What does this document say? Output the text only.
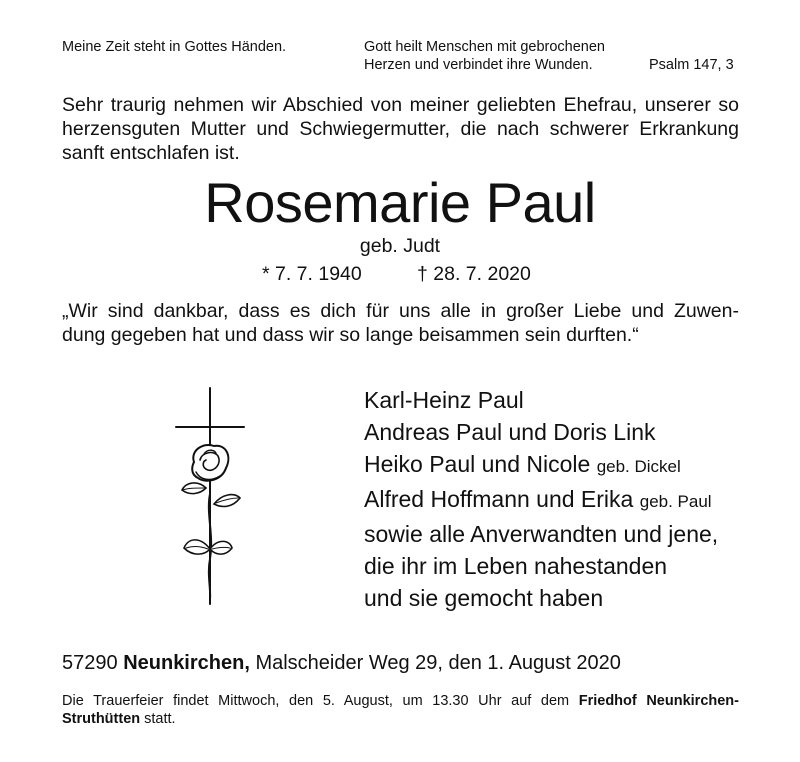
Meine Zeit steht in Gottes Händen.	Gott heilt Menschen mit gebrochenen
Herzen und verbindet ihre Wunden.	Psalm 147, 3
Sehr traurig nehmen wir Abschied von meiner geliebten Ehefrau, unserer so
herzensguten Mutter und Schwiegermutter, die nach schwerer Erkrankung
sanft entschlafen ist.
Rosemarie Paul
geb. Judt
* 7. 7. 1940	† 28. 7. 2020
„Wir sind dankbar, dass es dich für uns alle in großer Liebe und Zuwen-
dung gegeben hat und dass wir so lange beisammen sein durften.“
Karl-Heinz Paul
Andreas Paul und Doris Link
Heiko Paul und Nicole geb. Dickel
Alfred Hoffmann und Erika geb. Paul
sowie alle Anverwandten und jene,
die ihr im Leben nahestanden
und sie gemocht haben
57290 Neunkirchen, Malscheider Weg 29, den 1. August 2020
Die Trauerfeier findet Mittwoch, den 5. August, um 13.30 Uhr auf dem Friedhof Neunkirchen-
Struthütten statt.
